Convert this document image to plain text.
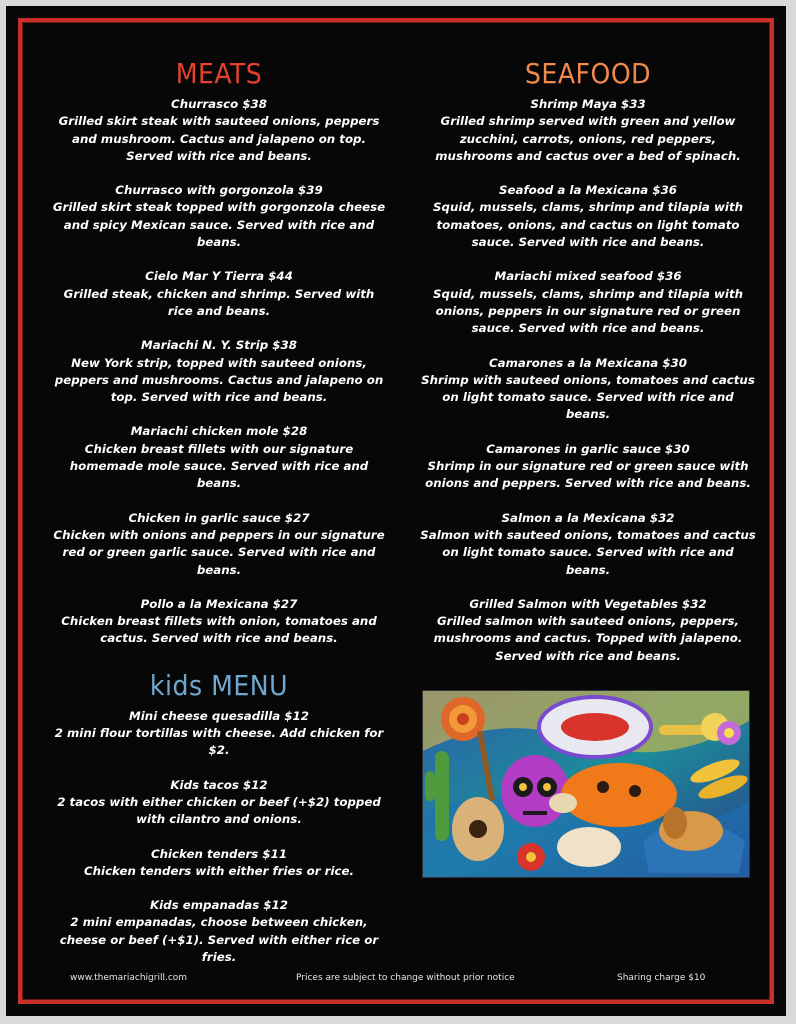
MEATS
Churrasco $38
Grilled skirt steak with sauteed onions, peppers and mushroom. Cactus and jalapeno on top. Served with rice and beans.
Churrasco with gorgonzola $39
Grilled skirt steak topped with gorgonzola cheese and spicy Mexican sauce. Served with rice and beans.
Cielo Mar Y Tierra $44
Grilled steak, chicken and shrimp. Served with rice and beans.
Mariachi N. Y. Strip $38
New York strip, topped with sauteed onions, peppers and mushrooms. Cactus and jalapeno on top. Served with rice and beans.
Mariachi chicken mole $28
Chicken breast fillets with our signature homemade mole sauce. Served with rice and beans.
Chicken in garlic sauce $27
Chicken with onions and peppers in our signature red or green garlic sauce. Served with rice and beans.
Pollo a la Mexicana $27
Chicken breast fillets with onion, tomatoes and cactus. Served with rice and beans.
kids MENU
Mini cheese quesadilla $12
2 mini flour tortillas with cheese. Add chicken for $2.
Kids tacos $12
2 tacos with either chicken or beef (+$2) topped with cilantro and onions.
Chicken tenders $11
Chicken tenders with either fries or rice.
Kids empanadas $12
2 mini empanadas, choose between chicken, cheese or beef (+$1). Served with either rice or fries.
SEAFOOD
Shrimp Maya $33
Grilled shrimp served with green and yellow zucchini, carrots, onions, red peppers, mushrooms and cactus over a bed of spinach.
Seafood a la Mexicana $36
Squid, mussels, clams, shrimp and tilapia with tomatoes, onions, and cactus on light tomato sauce. Served with rice and beans.
Mariachi mixed seafood $36
Squid, mussels, clams, shrimp and tilapia with onions, peppers in our signature red or green sauce. Served with rice and beans.
Camarones a la Mexicana $30
Shrimp with sauteed onions, tomatoes and cactus on light tomato sauce. Served with rice and beans.
Camarones in garlic sauce $30
Shrimp in our signature red or green sauce with onions and peppers. Served with rice and beans.
Salmon a la Mexicana $32
Salmon with sauteed onions, tomatoes and cactus on light tomato sauce. Served with rice and beans.
Grilled Salmon with Vegetables $32
Grilled salmon with sauteed onions, peppers, mushrooms and cactus. Topped with jalapeno. Served with rice and beans.
www.themariachigrill.com	Prices are subject to change without prior notice	Sharing charge $10
